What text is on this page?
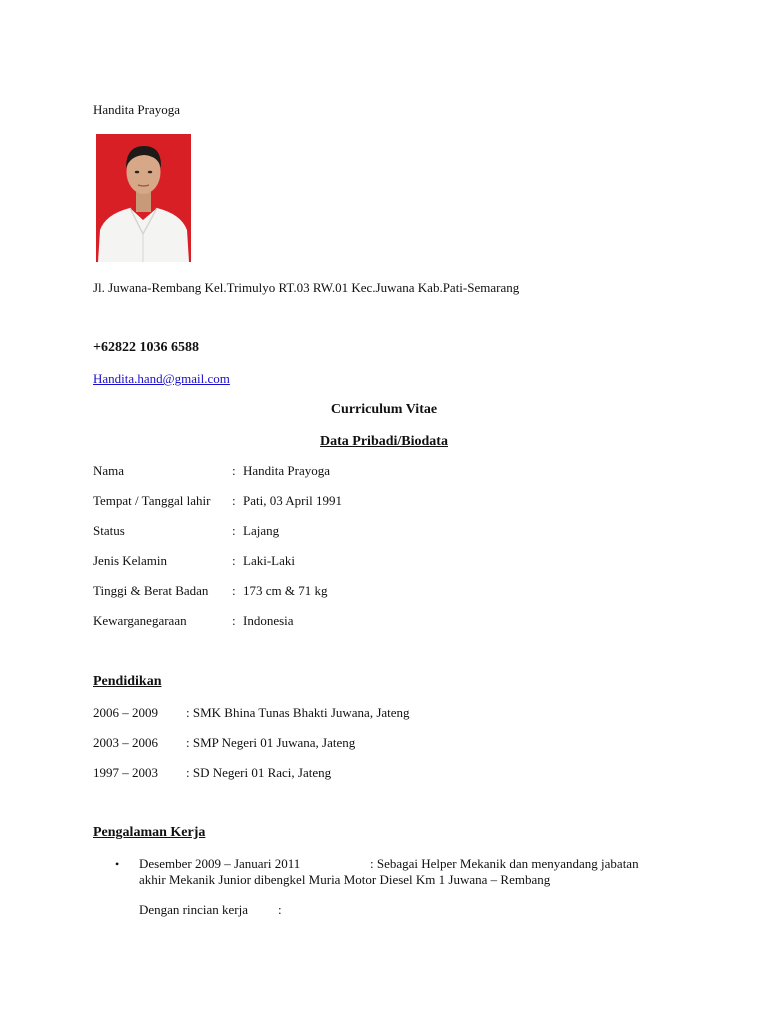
Handita Prayoga
Jl. Juwana-Rembang Kel.Trimulyo RT.03 RW.01 Kec.Juwana Kab.Pati-Semarang
+62822 1036 6588
Handita.hand@gmail.com
Curriculum Vitae
Data Pribadi/Biodata
Nama	: Handita Prayoga
Tempat / Tanggal lahir : Pati, 03 April 1991
Status	: Lajang
Jenis Kelamin	: Laki-Laki
Tinggi & Berat Badan : 173 cm & 71 kg
Kewarganegaraan	: Indonesia
Pendidikan
2006 – 2009 : SMK Bhina Tunas Bhakti Juwana, Jateng
2003 – 2006 : SMP Negeri 01 Juwana, Jateng
1997 – 2003 : SD Negeri 01 Raci, Jateng
Pengalaman Kerja
• Desember 2009 – Januari 2011	: Sebagai Helper Mekanik dan menyandang jabatan
akhir Mekanik Junior dibengkel Muria Motor Diesel Km 1 Juwana – Rembang
Dengan rincian kerja :
